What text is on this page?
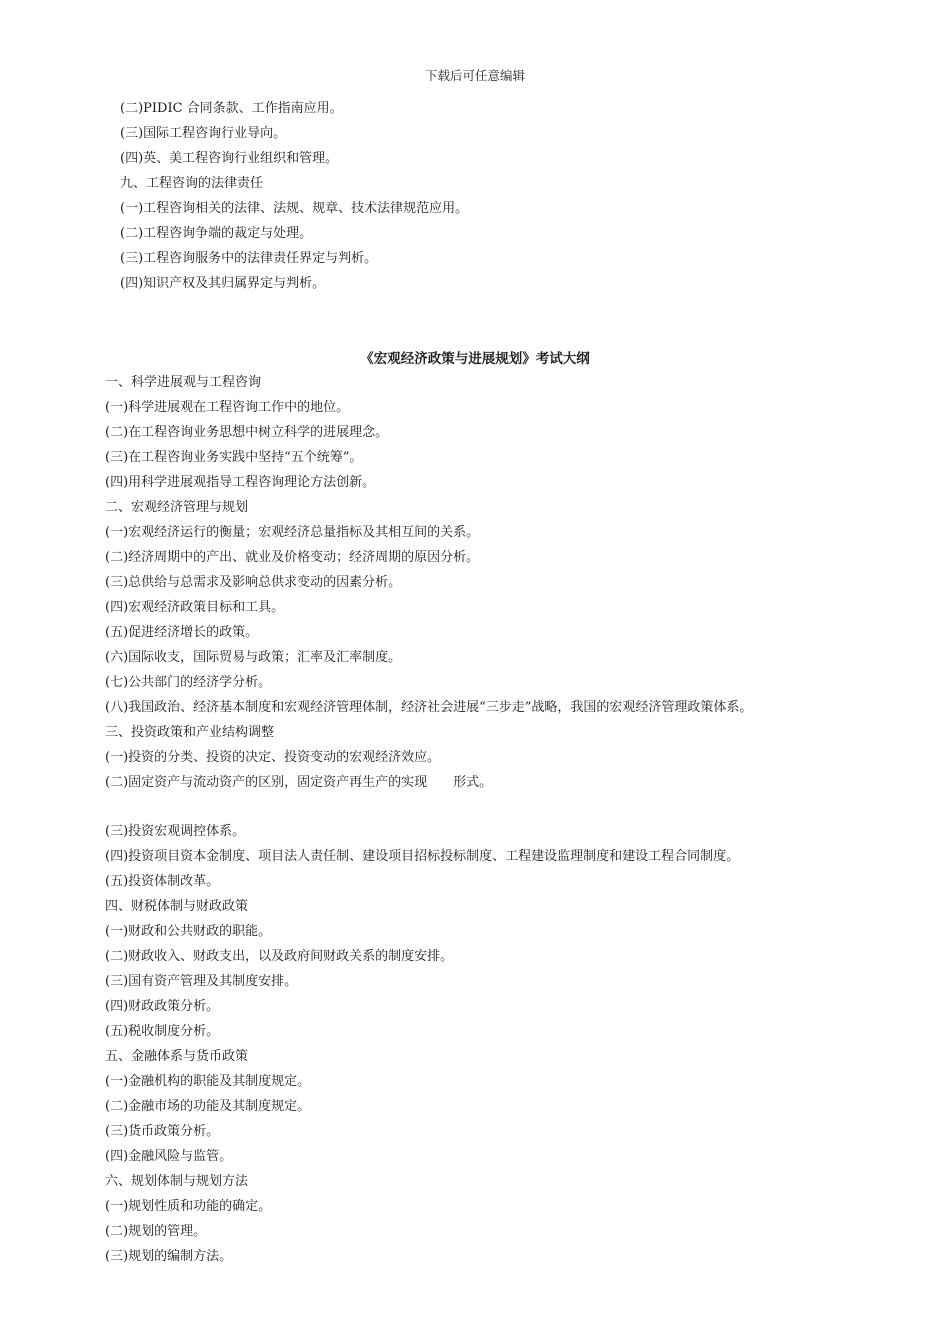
下载后可任意编辑
(二)PIDIC 合同条款、工作指南应用。
(三)国际工程咨询行业导向。
(四)英、美工程咨询行业组织和管理。
九、工程咨询的法律责任
(一)工程咨询相关的法律、法规、规章、技术法律规范应用。
(二)工程咨询争端的裁定与处理。
(三)工程咨询服务中的法律责任界定与判析。
(四)知识产权及其归属界定与判析。
《宏观经济政策与进展规划》考试大纲
一、科学进展观与工程咨询
(一)科学进展观在工程咨询工作中的地位。
(二)在工程咨询业务思想中树立科学的进展理念。
(三)在工程咨询业务实践中坚持“五个统筹”。
(四)用科学进展观指导工程咨询理论方法创新。
二、宏观经济管理与规划
(一)宏观经济运行的衡量；宏观经济总量指标及其相互间的关系。
(二)经济周期中的产出、就业及价格变动；经济周期的原因分析。
(三)总供给与总需求及影响总供求变动的因素分析。
(四)宏观经济政策目标和工具。
(五)促进经济增长的政策。
(六)国际收支，国际贸易与政策；汇率及汇率制度。
(七)公共部门的经济学分析。
(八)我国政治、经济基本制度和宏观经济管理体制，经济社会进展“三步走”战略，我国的宏观经济管理政策体系。
三、投资政策和产业结构调整
(一)投资的分类、投资的决定、投资变动的宏观经济效应。
(二)固定资产与流动资产的区别，固定资产再生产的实现　　形式。
(三)投资宏观调控体系。
(四)投资项目资本金制度、项目法人责任制、建设项目招标投标制度、工程建设监理制度和建设工程合同制度。
(五)投资体制改革。
四、财税体制与财政政策
(一)财政和公共财政的职能。
(二)财政收入、财政支出，以及政府间财政关系的制度安排。
(三)国有资产管理及其制度安排。
(四)财政政策分析。
(五)税收制度分析。
五、金融体系与货币政策
(一)金融机构的职能及其制度规定。
(二)金融市场的功能及其制度规定。
(三)货币政策分析。
(四)金融风险与监管。
六、规划体制与规划方法
(一)规划性质和功能的确定。
(二)规划的管理。
(三)规划的编制方法。
